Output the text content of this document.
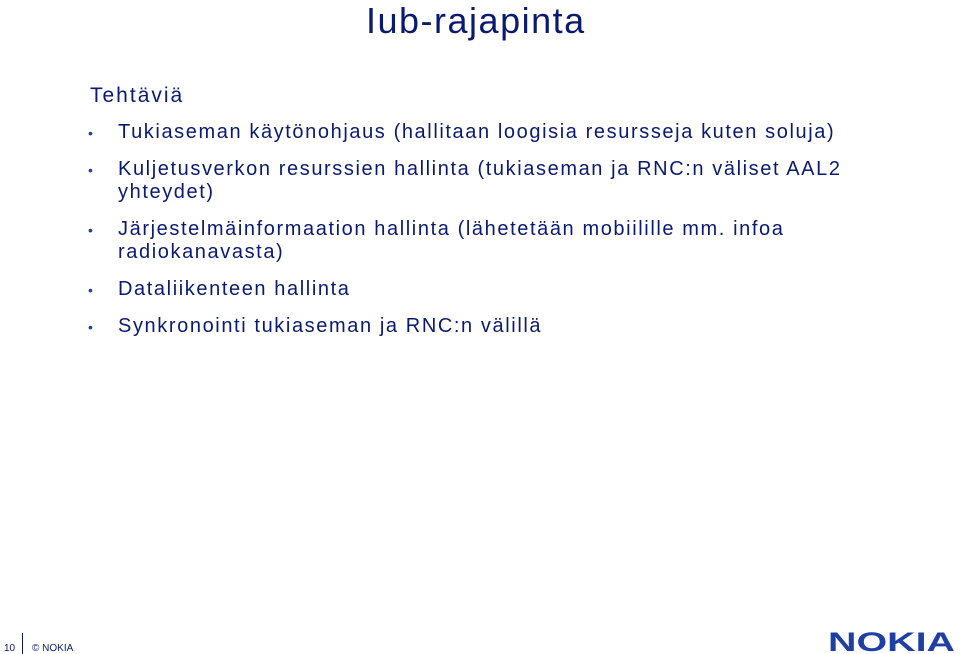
Iub-rajapinta
Tehtäviä
• Tukiaseman käytönohjaus (hallitaan loogisia resursseja kuten soluja)
• Kuljetusverkon resurssien hallinta (tukiaseman ja RNC:n väliset AAL2 yhteydet)
• Järjestelmäinformaation hallinta (lähetetään mobiilille mm. infoa radiokanavasta)
• Dataliikenteen hallinta
• Synkronointi tukiaseman ja RNC:n välillä
10 © NOKIA	NOKIA
